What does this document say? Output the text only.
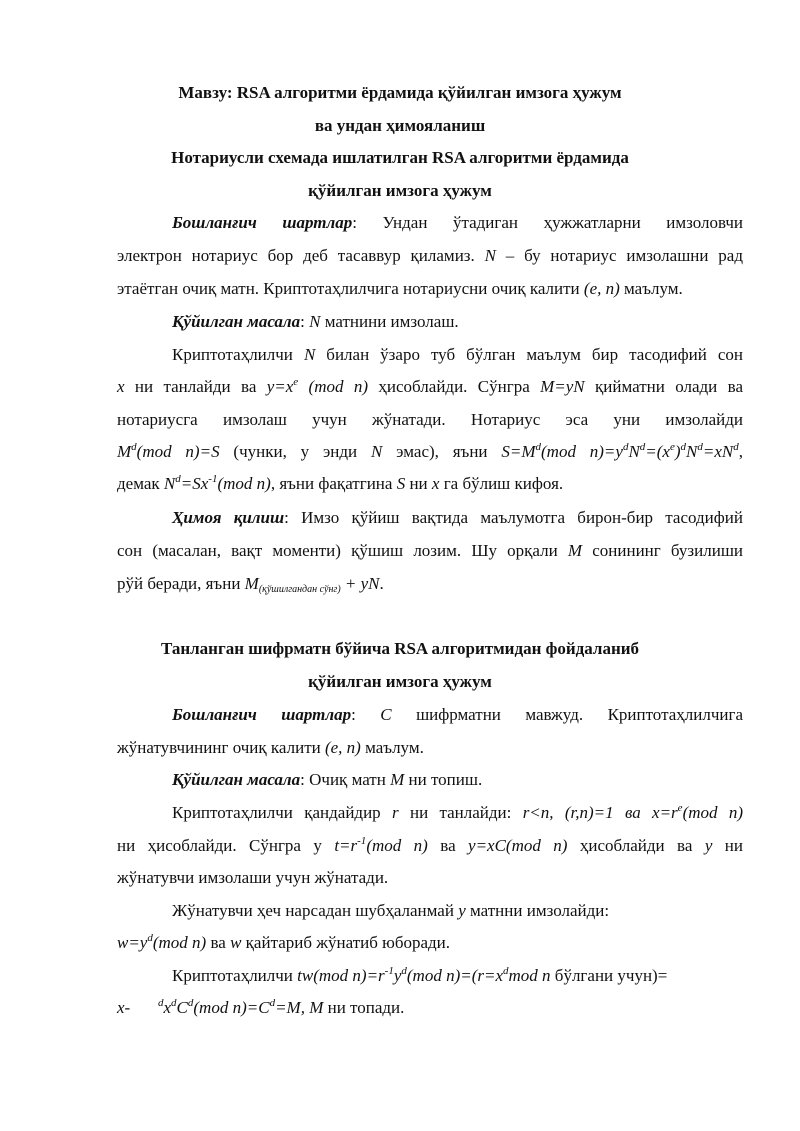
Мавзу: RSA алгоритми ёрдамида қўйилган имзога ҳужум
ва ундан ҳимояланиш
Нотариусли схемада ишлатилган RSA алгоритми ёрдамида
қўйилган имзога ҳужум
Бошланғич шартлар: Ундан ўтадиган ҳужжатларни имзоловчи
электрон нотариус бор деб тасаввур қиламиз. N – бу нотариус имзолашни рад
этаётган очиқ матн. Криптотаҳлилчига нотариусни очиқ калити (e, n) маълум.
Қўйилган масала: N матнини имзолаш.
Криптотаҳлилчи N билан ўзаро туб бўлган маълум бир тасодифий сон
x ни танлайди ва $y=x^e$ (mod n) ҳисоблайди. Сўнгра M=yN қийматни олади ва
нотариусга имзолаш учун жўнатади. Нотариус эса уни имзолайди
$M^d(mod$ n)=S (чунки, у энди N эмас), яъни $S=M^d(mod$ $n)=y^dN^d=(x^e)^dN^d=xN^d$,
демак $N^d=Sx^{-1}(mod$ n), яъни фақатгина S ни x га бўлиш кифоя.
Ҳимоя қилиш: Имзо қўйиш вақтида маълумотга бирон-бир тасодифий
сон (масалан, вақт моменти) қўшиш лозим. Шу орқали M сонининг бузилиши
рўй беради, яъни $M_{(қўшилгандан сўнг)}$ + yN.
Танланган шифрматн бўйича RSA алгоритмидан фойдаланиб
қўйилган имзога ҳужум
Бошланғич шартлар: C шифрматни мавжуд. Криптотаҳлилчига
жўнатувчининг очиқ калити (e, n) маълум.
Қўйилган масала: Очиқ матн M ни топиш.
Криптотаҳлилчи қандайдир r ни танлайди: r<n, (r,n)=1 ва $x=r^e(mod$ n)
ни ҳисоблайди. Сўнгра у $t=r^{-1}(mod$ n) ва y=xC(mod n) ҳисоблайди ва y ни
жўнатувчи имзолаши учун жўнатади.
Жўнатувчи ҳеч нарсадан шубҳаланмай y матнни имзолайди:
$w=y^d(mod$ n) ва w қайтариб жўнатиб юборади.
Криптотаҳлилчи tw(mod $n)=r^{-1}y^d(mod$ $n)=(r=x^dmod$ n бўлгани учун)=
x-	$^dx^dC^d(mod$ $n)=C^d=M$, M ни топади.
